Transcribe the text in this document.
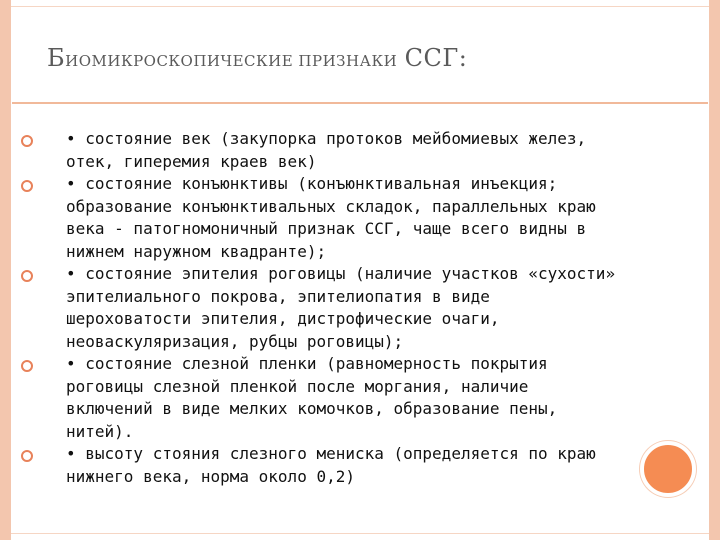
БИОМИКРОСКОПИЧЕСКИЕ ПРИЗНАКИ ССГ:
• состояние век (закупорка протоков мейбомиевых желез, отек, гиперемия краев век)
• состояние конъюнктивы (конъюнктивальная инъекция; образование конъюнктивальных складок, параллельных краю века - патогномоничный признак ССГ, чаще всего видны в нижнем наружном квадранте);
• состояние эпителия роговицы (наличие участков «сухости» эпителиального покрова, эпителиопатия в виде шероховатости эпителия, дистрофические очаги, неоваскуляризация, рубцы роговицы);
• состояние слезной пленки (равномерность покрытия роговицы слезной пленкой после моргания, наличие включений в виде мелких комочков, образование пены, нитей).
• высоту стояния слезного мениска (определяется по краю нижнего века, норма около 0,2)
